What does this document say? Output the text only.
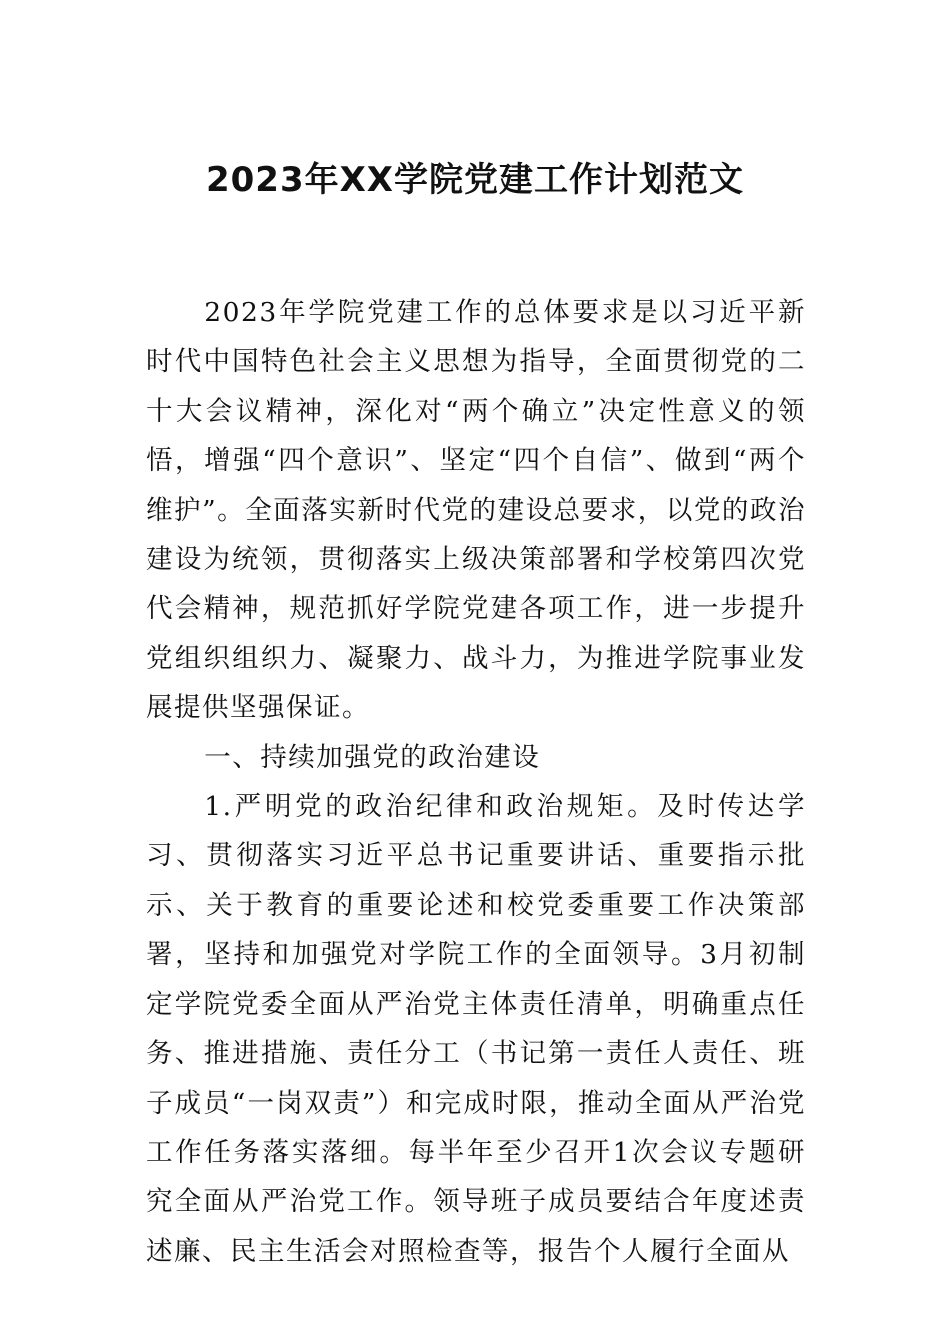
2023年XX学院党建工作计划范文

2023年学院党建工作的总体要求是以习近平新时代中国特色社会主义思想为指导，全面贯彻党的二十大会议精神，深化对“两个确立”决定性意义的领悟，增强“四个意识”、坚定“四个自信”、做到“两个维护”。全面落实新时代党的建设总要求，以党的政治建设为统领，贯彻落实上级决策部署和学校第四次党代会精神，规范抓好学院党建各项工作，进一步提升党组织组织力、凝聚力、战斗力，为推进学院事业发展提供坚强保证。

一、持续加强党的政治建设

1.严明党的政治纪律和政治规矩。及时传达学习、贯彻落实习近平总书记重要讲话、重要指示批示、关于教育的重要论述和校党委重要工作决策部署，坚持和加强党对学院工作的全面领导。3月初制定学院党委全面从严治党主体责任清单，明确重点任务、推进措施、责任分工（书记第一责任人责任、班子成员“一岗双责”）和完成时限，推动全面从严治党工作任务落实落细。每半年至少召开1次会议专题研究全面从严治党工作。领导班子成员要结合年度述责述廉、民主生活会对照检查等，报告个人履行全面从
